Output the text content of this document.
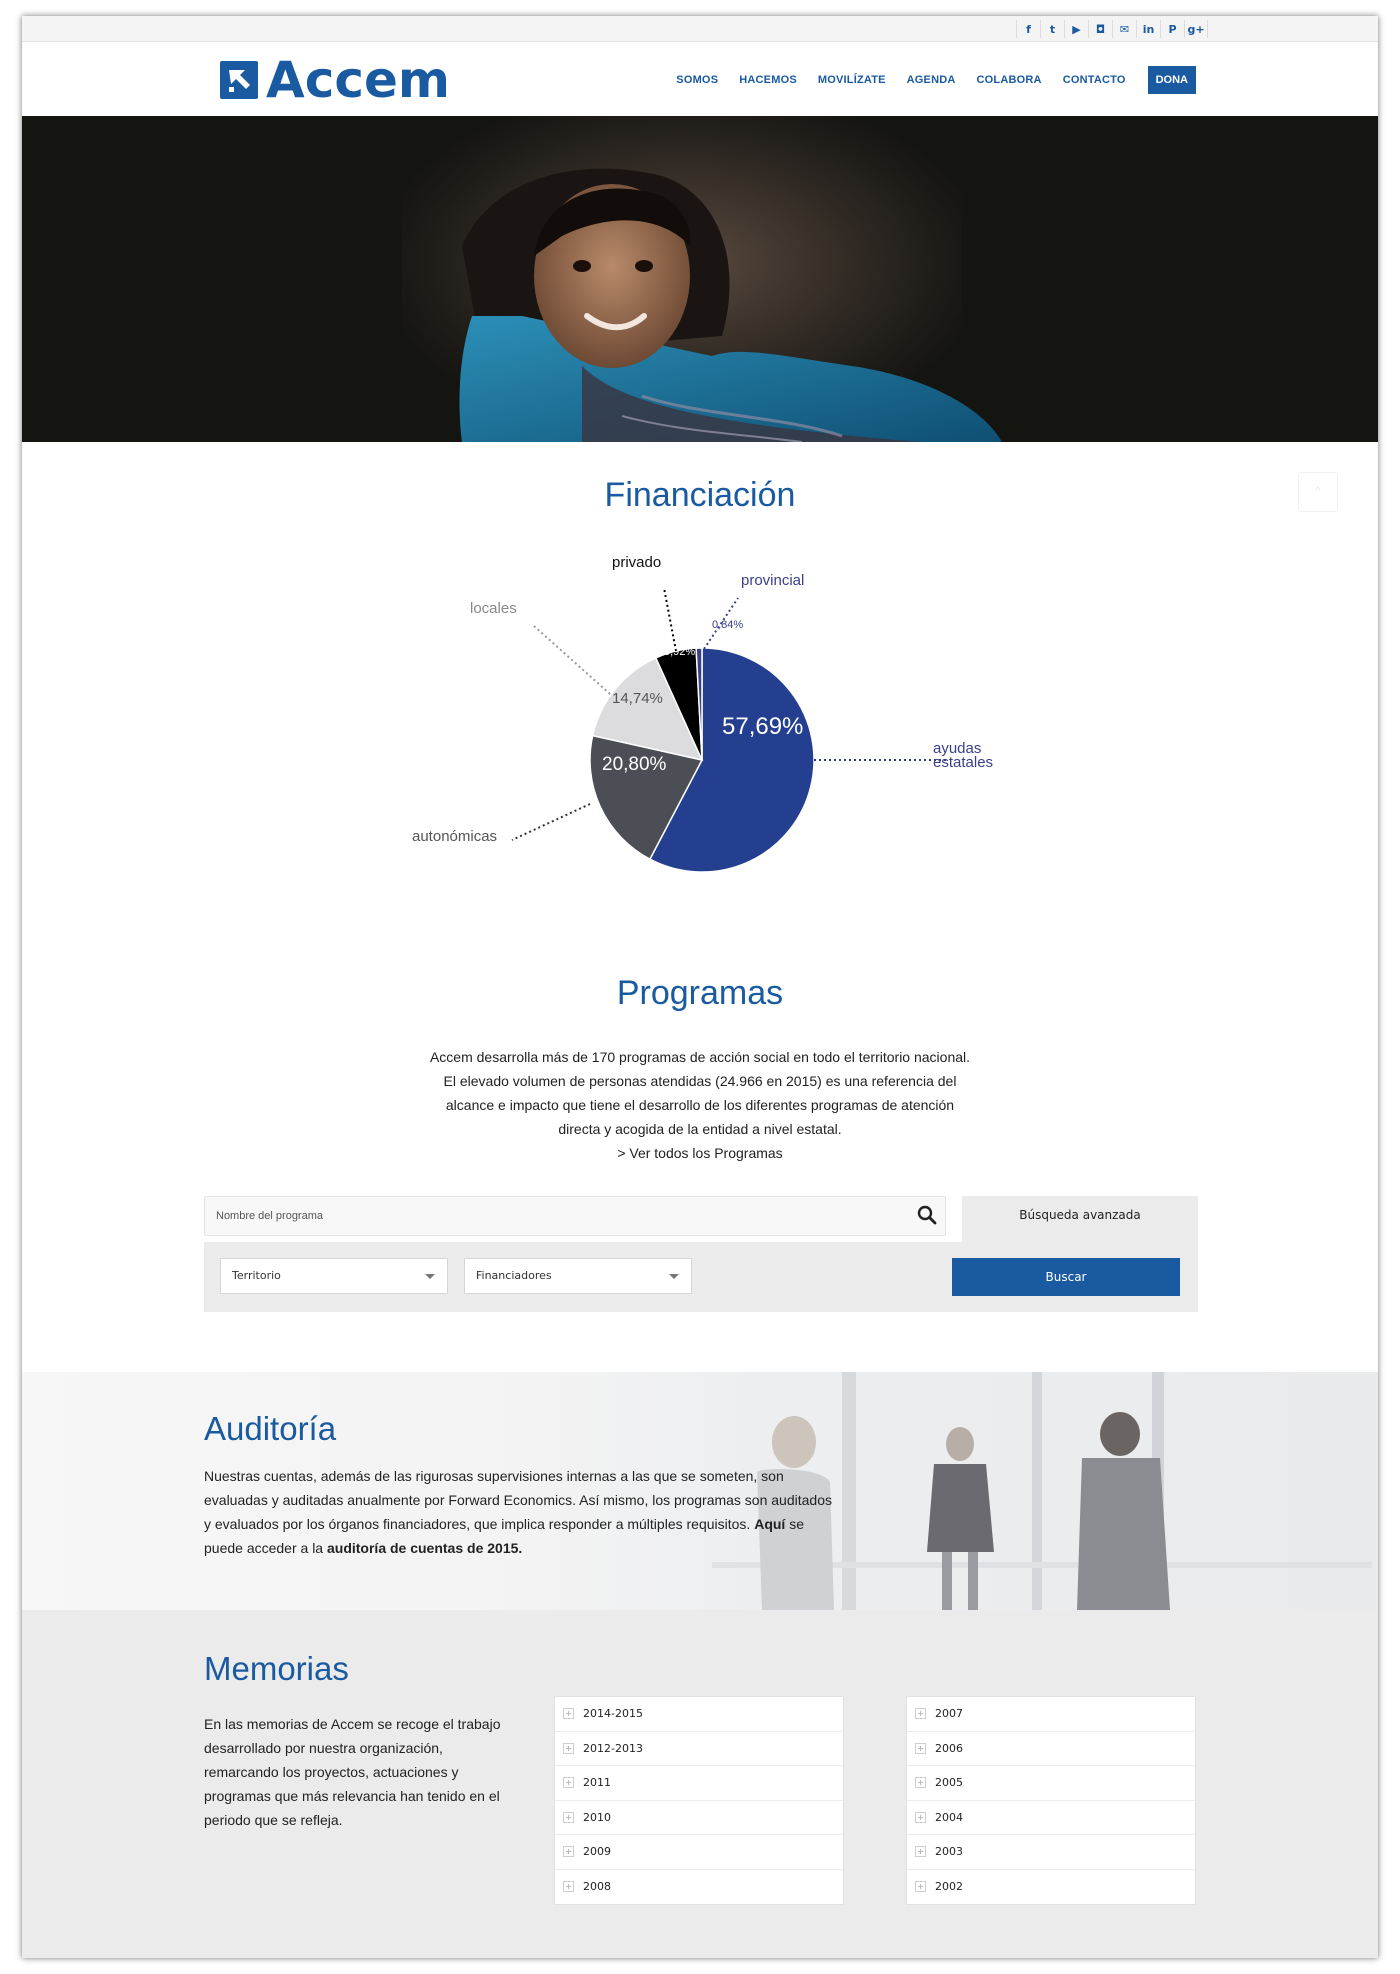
f	t	▶	◘	✉	in	P g+
Accem	SOMOS HACEMOS MOVILÍZATE AGENDA COLABORA CONTACTO	DONA
Financiación	^
57,69%
20,80%
14,74%
5,92%
0,84%
ayudas
estatales
autonómicas
locales
privado
provincial
Programas
Accem desarrolla más de 170 programas de acción social en todo el territorio nacional.
El elevado volumen de personas atendidas (24.966 en 2015) es una referencia del
alcance e impacto que tiene el desarrollo de los diferentes programas de atención
directa y acogida de la entidad a nivel estatal.
> Ver todos los Programas
Nombre del programa
Búsqueda avanzada
Territorio	Financiadores	Buscar
Auditoría
Nuestras cuentas, además de las rigurosas supervisiones internas a las que se someten, son evaluadas y auditadas anualmente por Forward Economics. Así mismo, los programas son auditados y evaluados por los órganos financiadores, que implica responder a múltiples requisitos. Aquí se puede acceder a la auditoría de cuentas de 2015.
Memorias
En las memorias de Accem se recoge el trabajo desarrollado por nuestra organización, remarcando los proyectos, actuaciones y programas que más relevancia han tenido en el periodo que se refleja.
2014-2015
2012-2013
2011
2010
2009
2008
2007
2006
2005
2004
2003
2002
